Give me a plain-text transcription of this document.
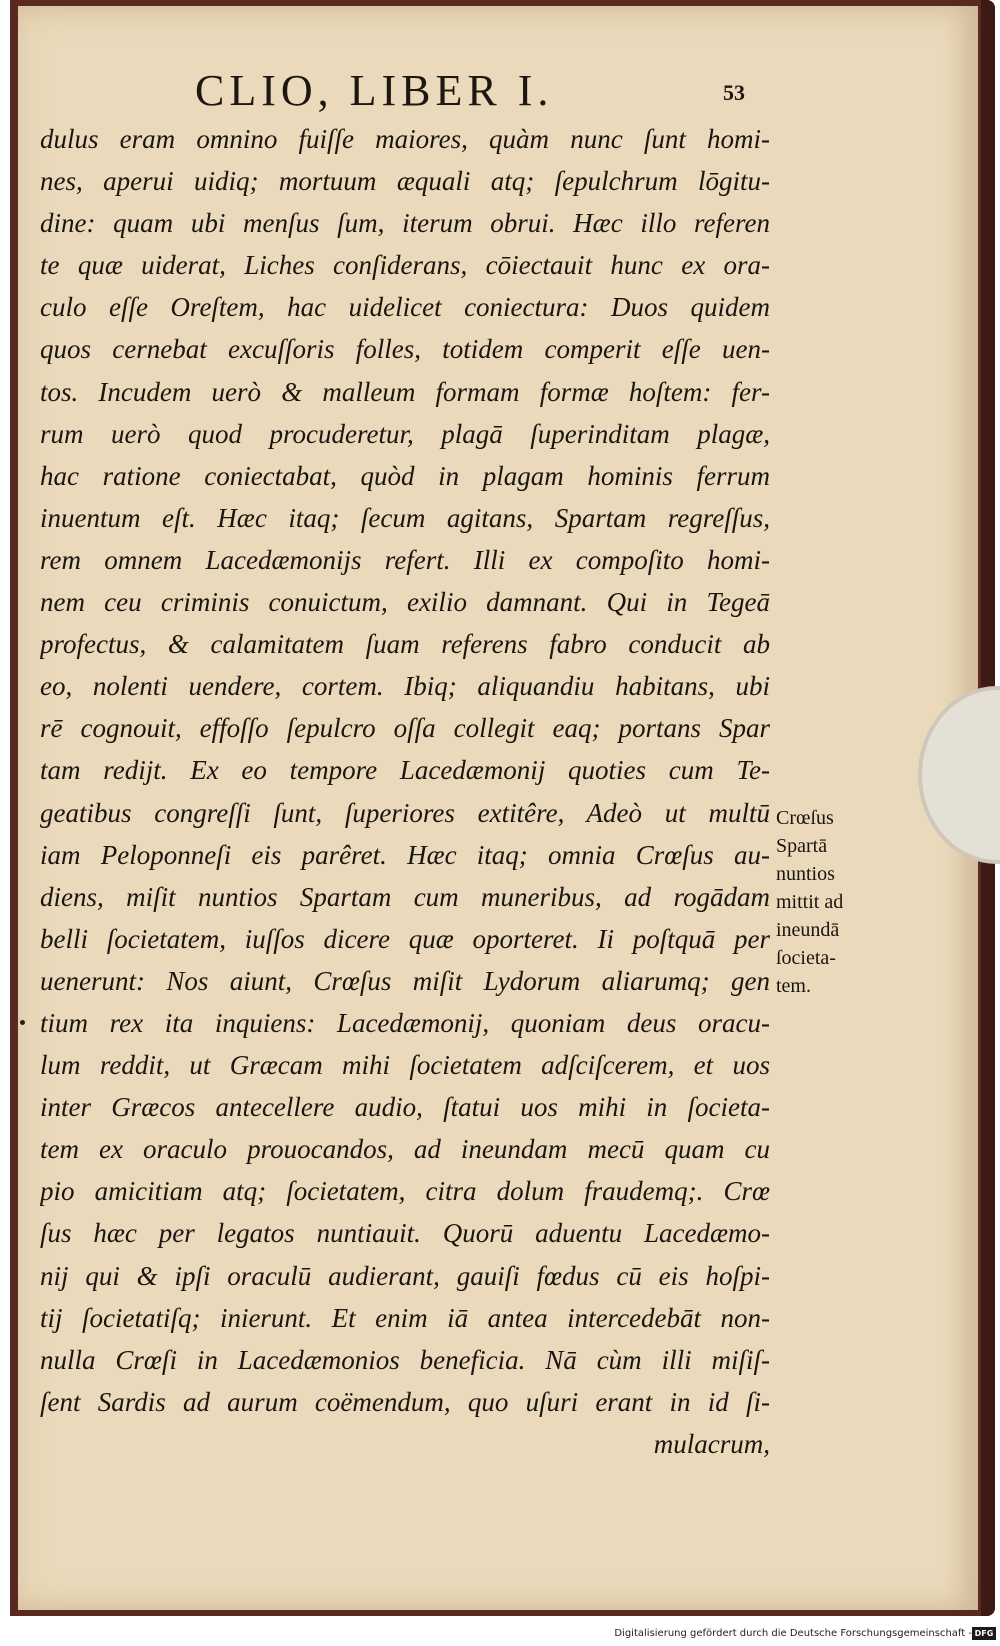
CLIO, LIBER I.	53
dulus eram omnino fuiſſe maiores, quàm nunc ſunt homi-
nes, aperui uidiq; mortuum æquali atq; ſepulchrum lōgitu-
dine: quam ubi menſus ſum, iterum obrui. Hæc illo referen
te quæ uiderat, Liches conſiderans, cōiectauit hunc ex ora-
culo eſſe Oreſtem, hac uidelicet coniectura: Duos quidem
quos cernebat excuſſoris folles, totidem comperit eſſe uen-
tos. Incudem uerò & malleum formam formæ hoſtem: fer-
rum uerò quod procuderetur, plagā ſuperinditam plagæ,
hac ratione coniectabat, quòd in plagam hominis ferrum
inuentum eſt. Hæc itaq; ſecum agitans, Spartam regreſſus,
rem omnem Lacedæmonijs refert. Illi ex compoſito homi-
nem ceu criminis conuictum, exilio damnant. Qui in Tegeā
profectus, & calamitatem ſuam referens fabro conducit ab
eo, nolenti uendere, cortem. Ibiq; aliquandiu habitans, ubi
rē cognouit, effoſſo ſepulcro oſſa collegit eaq; portans Spar
tam rediјt. Ex eo tempore Lacedæmonij quoties cum Te-
geatibus congreſſi ſunt, ſuperiores extitêre, Adeò ut multū
iam Peloponneſi eis parêret. Hæc itaq; omnia Crœſus au-
diens, miſit nuntios Spartam cum muneribus, ad rogādam
belli ſocietatem, iuſſos dicere quæ oporteret. Ii poſtquā per
uenerunt: Nos aiunt, Crœſus miſit Lydorum aliarumq; gen
tium rex ita inquiens: Lacedæmonij, quoniam deus oracu-
lum reddit, ut Græcam mihi ſocietatem adſciſcerem, et uos
inter Græcos antecellere audio, ſtatui uos mihi in ſocieta-
tem ex oraculo prouocandos, ad ineundam mecū quam cu
pio amicitiam atq; ſocietatem, citra dolum fraudemq;. Crœ
ſus hæc per legatos nuntiauit. Quorū aduentu Lacedæmo-
nij qui & ipſi oraculū audierant, gauiſi fœdus cū eis hoſpi-
tij ſocietatiſq; inierunt. Et enim iā antea intercedebāt non-
nulla Crœſi in Lacedæmonios beneficia. Nā cùm illi miſiſ-
ſent Sardis ad aurum coëmendum, quo uſuri erant in id ſi-
mulacrum,
Crœſus
Spartā
nuntios
mittit ad
ineundā
ſocieta-
tem.
Digitalisierung gefördert durch die Deutsche Forschungsgemeinschaft - DFG
